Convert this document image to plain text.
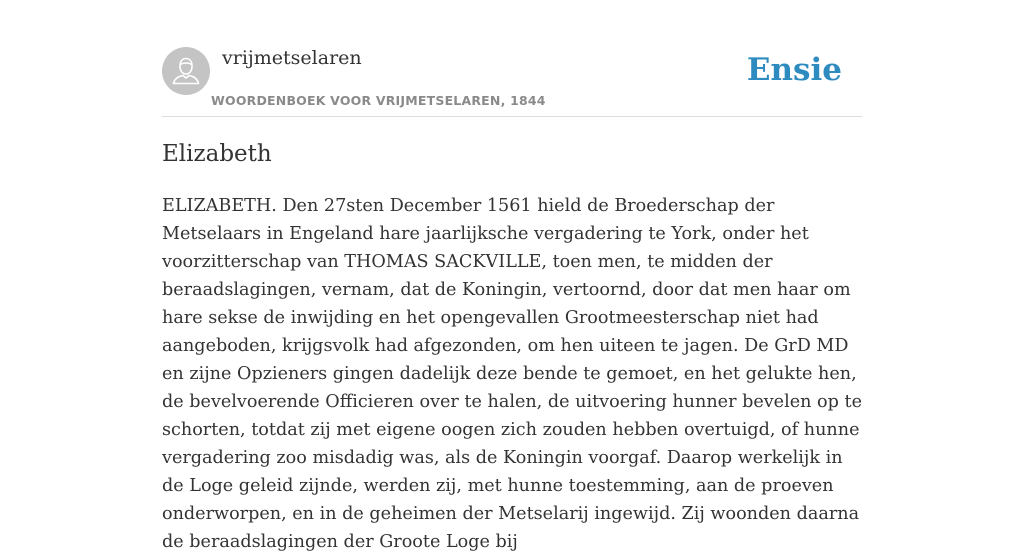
vrijmetselaren
WOORDENBOEK VOOR VRIJMETSELAREN, 1844
Ensie
Elizabeth

ELIZABETH. Den 27sten December 1561 hield de Broederschap der Metselaars in Engeland hare jaarlijksche vergadering te York, onder het voorzitterschap van THOMAS SACKVILLE, toen men, te midden der beraadslagingen, vernam, dat de Koningin, vertoornd, door dat men haar om hare sekse de inwijding en het opengevallen Grootmeesterschap niet had aangeboden, krijgsvolk had afgezonden, om hen uiteen te jagen. De GrD MD en zijne Opzieners gingen dadelijk deze bende te gemoet, en het gelukte hen, de bevelvoerende Officieren over te halen, de uitvoering hunner bevelen op te schorten, totdat zij met eigene oogen zich zouden hebben overtuigd, of hunne vergadering zoo misdadig was, als de Koningin voorgaf. Daarop werkelijk in de Loge geleid zijnde, werden zij, met hunne toestemming, aan de proeven onderworpen, en in de geheimen der Metselarij ingewijd. Zij woonden daarna de beraadslagingen der Groote Loge bij
